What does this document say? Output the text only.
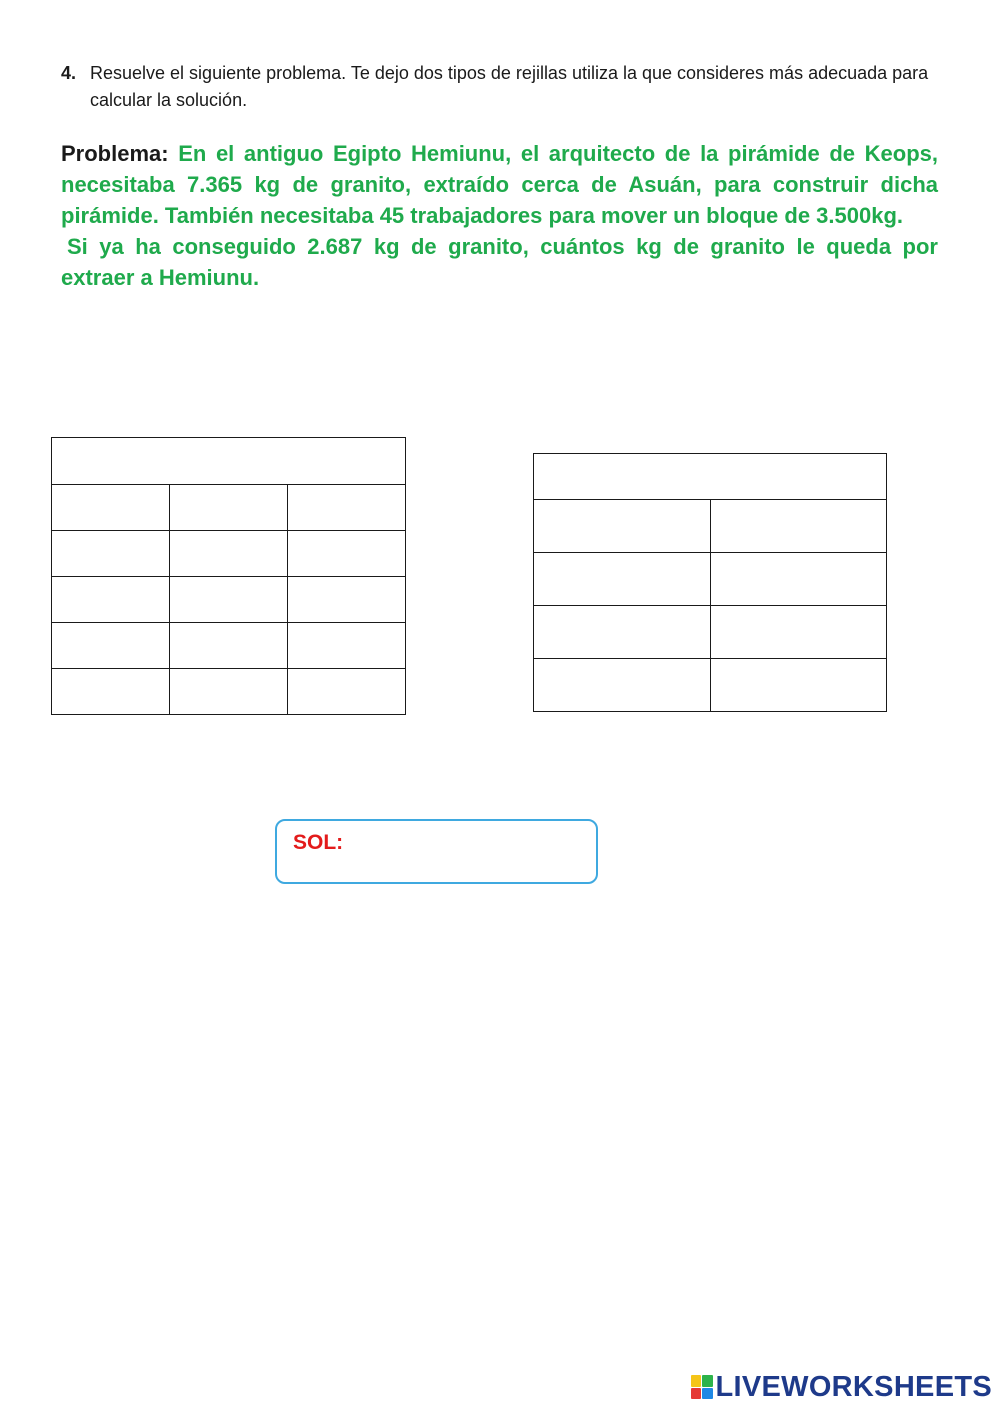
4. Resuelve el siguiente problema. Te dejo dos tipos de rejillas utiliza la que consideres más adecuada para calcular la solución.

Problema: En el antiguo Egipto Hemiunu, el arquitecto de la pirámide de Keops, necesitaba 7.365 kg de granito, extraído cerca de Asuán, para construir dicha pirámide. También necesitaba 45 trabajadores para mover un bloque de 3.500kg.

Si ya ha conseguido 2.687 kg de granito, cuántos kg de granito le queda por extraer a Hemiunu.

SOL:
LIVEWORKSHEETS
